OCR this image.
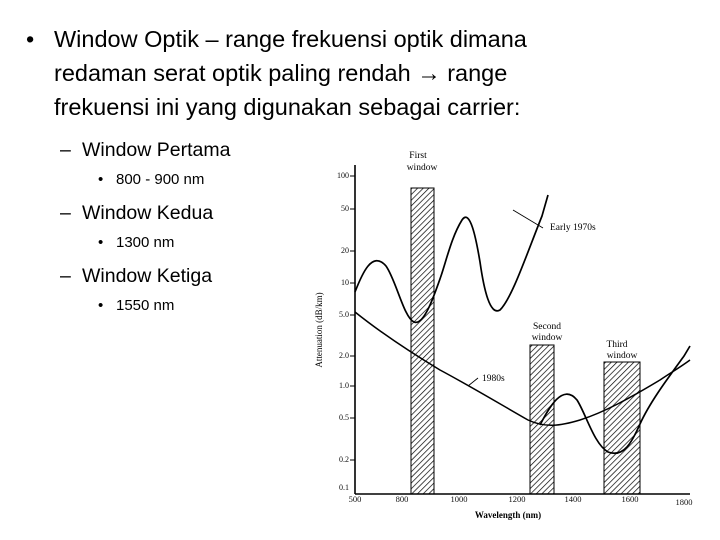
• Window Optik – range frekuensi optik dimana redaman serat optik paling rendah → range frekuensi ini yang digunakan sebagai carrier:
– Window Pertama
• 800 - 900 nm
– Window Kedua
• 1300 nm
– Window Ketiga
• 1550 nm
100
50
20
10
5.0
2.0
1.0
0.5
0.2
0.1
Attenuation (dB/km)
500	800	1000	1200	1400	1600	1800
Wavelength (nm)
First
window
Second
window
Third
window
Early 1970s
1980s
